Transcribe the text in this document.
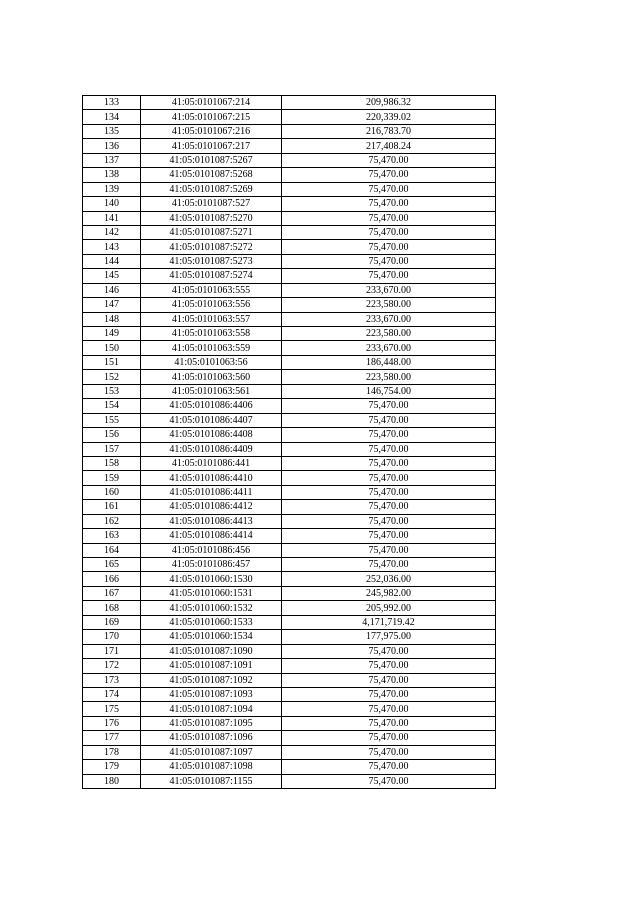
133	41:05:0101067:214	209,986.32
134	41:05:0101067:215	220,339.02
135	41:05:0101067:216	216,783.70
136	41:05:0101067:217	217,408.24
137	41:05:0101087:5267	75,470.00
138	41:05:0101087:5268	75,470.00
139	41:05:0101087:5269	75,470.00
140	41:05:0101087:527	75,470.00
141	41:05:0101087:5270	75,470.00
142	41:05:0101087:5271	75,470.00
143	41:05:0101087:5272	75,470.00
144	41:05:0101087:5273	75,470.00
145	41:05:0101087:5274	75,470.00
146	41:05:0101063:555	233,670.00
147	41:05:0101063:556	223,580.00
148	41:05:0101063:557	233,670.00
149	41:05:0101063:558	223,580.00
150	41:05:0101063:559	233,670.00
151	41:05:0101063:56	186,448.00
152	41:05:0101063:560	223,580.00
153	41:05:0101063:561	146,754.00
154	41:05:0101086:4406	75,470.00
155	41:05:0101086:4407	75,470.00
156	41:05:0101086:4408	75,470.00
157	41:05:0101086:4409	75,470.00
158	41:05:0101086:441	75,470.00
159	41:05:0101086:4410	75,470.00
160	41:05:0101086:4411	75,470.00
161	41:05:0101086:4412	75,470.00
162	41:05:0101086:4413	75,470.00
163	41:05:0101086:4414	75,470.00
164	41:05:0101086:456	75,470.00
165	41:05:0101086:457	75,470.00
166	41:05:0101060:1530	252,036.00
167	41:05:0101060:1531	245,982.00
168	41:05:0101060:1532	205,992.00
169	41:05:0101060:1533	4,171,719.42
170	41:05:0101060:1534	177,975.00
171	41:05:0101087:1090	75,470.00
172	41:05:0101087:1091	75,470.00
173	41:05:0101087:1092	75,470.00
174	41:05:0101087:1093	75,470.00
175	41:05:0101087:1094	75,470.00
176	41:05:0101087:1095	75,470.00
177	41:05:0101087:1096	75,470.00
178	41:05:0101087:1097	75,470.00
179	41:05:0101087:1098	75,470.00
180	41:05:0101087:1155	75,470.00
